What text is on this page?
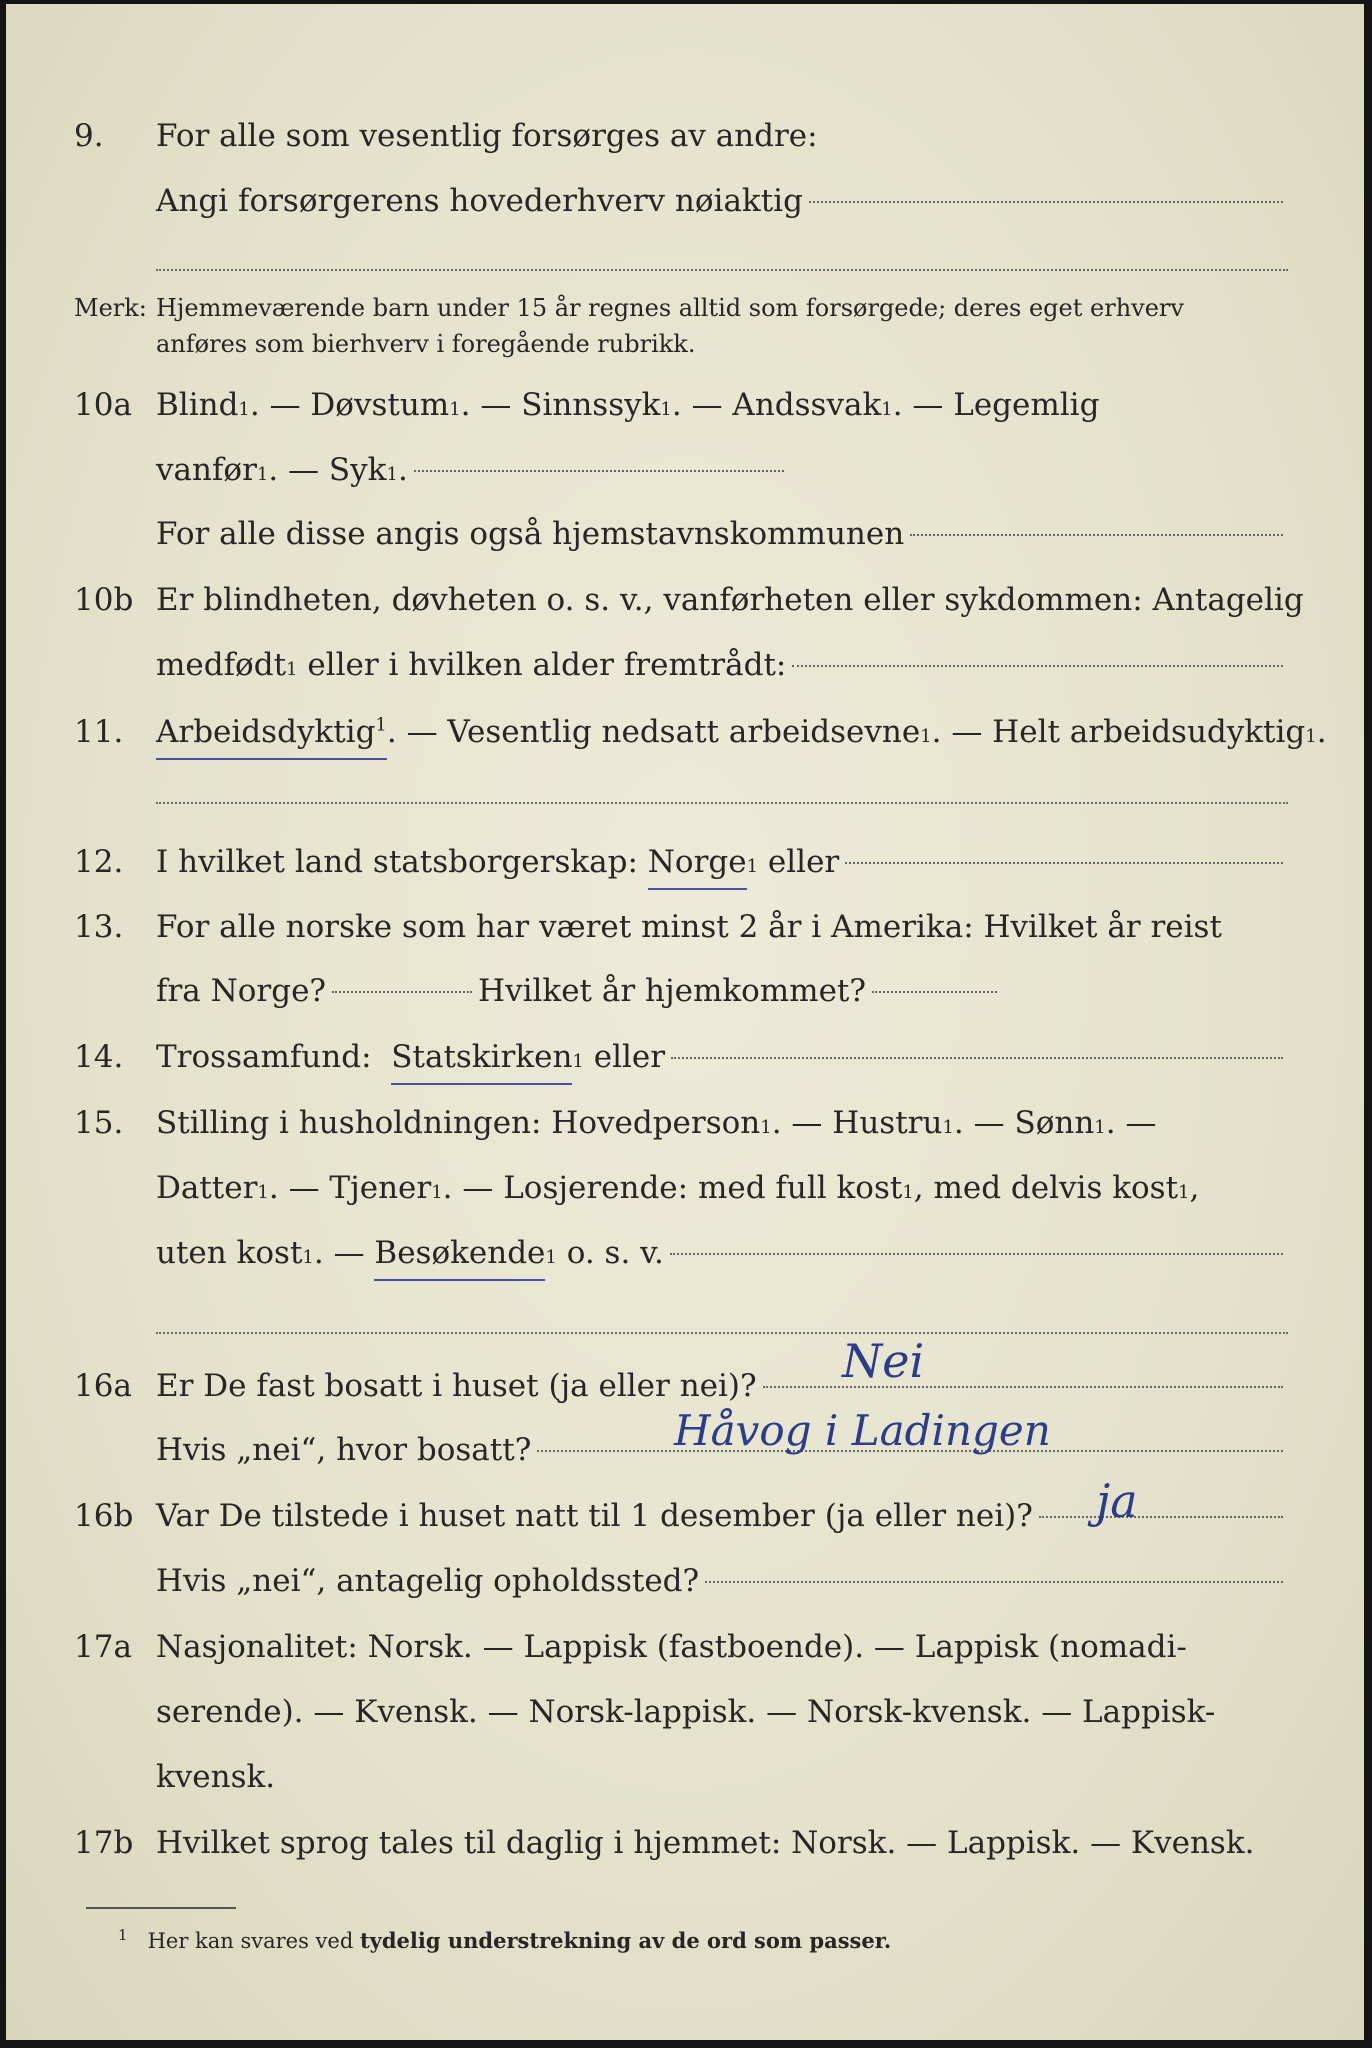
9.	For alle som vesentlig forsørges av andre:
Angi forsørgerens hovederhverv nøiaktig
Merk: Hjemmeværende barn under 15 år regnes alltid som forsørgede; deres eget erhverv
anføres som bierhverv i foregående rubrikk.
10a Blind 1 . — Døvstum 1 . — Sinnssyk 1 . — Andssvak 1 . — Legemlig
vanfør 1 . — Syk 1 .
For alle disse angis også hjemstavnskommunen
10b Er blindheten, døvheten o. s. v., vanførheten eller sykdommen: Antagelig
medfødt 1 eller i hvilken alder fremtrådt:
11.	Arbeidsdyktig$^1$ . — Vesentlig nedsatt arbeidsevne 1 . — Helt arbeidsudyktig 1 .
12.	I hvilket land statsborgerskap:
Norge 1 eller
13.	For alle norske som har været minst 2 år i Amerika: Hvilket år reist
fra Norge?	Hvilket år hjemkommet?
14.	Trossamfund:
Statskirken 1 eller
15.	Stilling i husholdningen: Hovedperson 1 . — Hustru 1 . — Sønn 1 . —
Datter 1 . — Tjener 1 . — Losjerende: med full kost 1 , med delvis kost 1 ,
uten kost 1 . — Besøkende 1 o. s. v.
16a Er De fast bosatt i huset (ja eller nei)? Nei
Hvis „nei“, hvor bosatt?	Håvog i Ladingen
16b Var De tilstede i huset natt til 1 desember (ja eller nei)? ja
Hvis „nei“, antagelig opholdssted?
17a Nasjonalitet: Norsk. — Lappisk (fastboende). — Lappisk (nomadi-
serende). — Kvensk. — Norsk-lappisk. — Norsk-kvensk. — Lappisk-
kvensk.
17b Hvilket sprog tales til daglig i hjemmet: Norsk. — Lappisk. — Kvensk.
$^1$ Her kan svares ved tydelig understrekning av de ord som passer.
